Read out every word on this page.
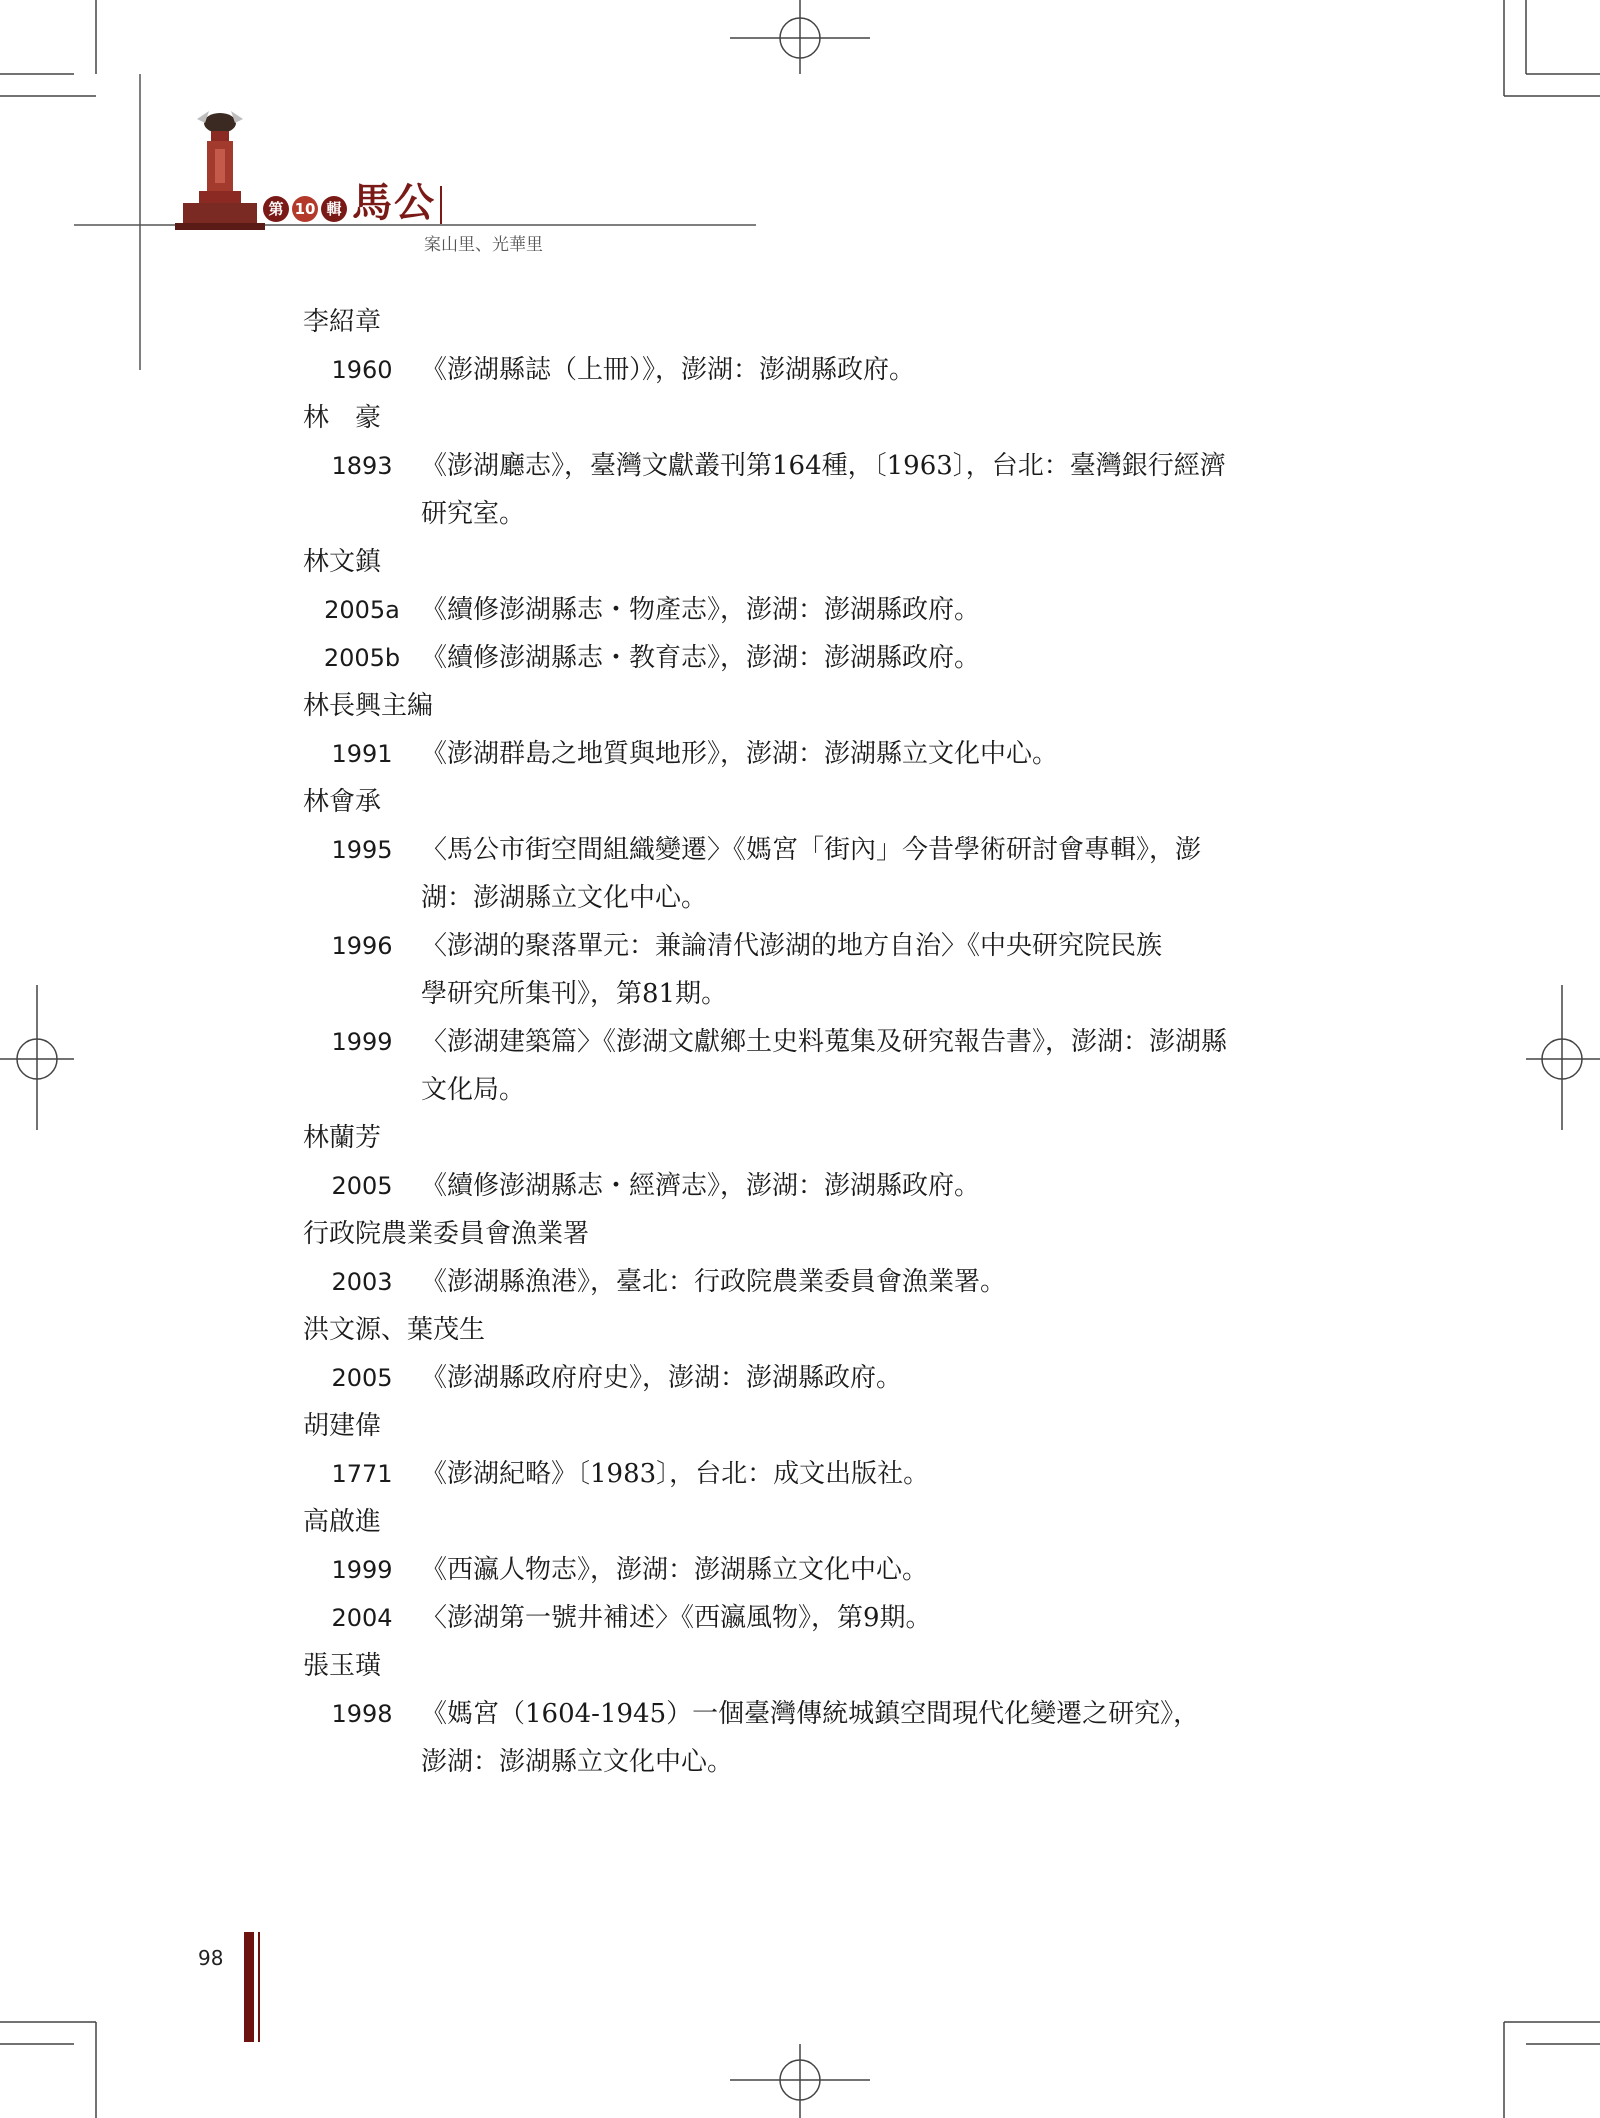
第 10 輯 馬公
案山里、光華里
李紹章
1960	《澎湖縣誌（上冊）》，澎湖：澎湖縣政府。
林　豪
1893	《澎湖廳志》，臺灣文獻叢刊第164種，〔1963〕，台北：臺灣銀行經濟
研究室。
林文鎮
2005a 《續修澎湖縣志・物產志》，澎湖：澎湖縣政府。
2005b 《續修澎湖縣志・教育志》，澎湖：澎湖縣政府。
林長興主編
1991	《澎湖群島之地質與地形》，澎湖：澎湖縣立文化中心。
林會承
1995	〈馬公市街空間組織變遷〉《媽宮「街內」今昔學術研討會專輯》，澎
湖：澎湖縣立文化中心。
1996	〈澎湖的聚落單元：兼論清代澎湖的地方自治〉《中央研究院民族
學研究所集刊》，第81期。
1999	〈澎湖建築篇〉《澎湖文獻鄉土史料蒐集及研究報告書》，澎湖：澎湖縣
文化局。
林蘭芳
2005	《續修澎湖縣志・經濟志》，澎湖：澎湖縣政府。
行政院農業委員會漁業署
2003	《澎湖縣漁港》，臺北：行政院農業委員會漁業署。
洪文源、葉茂生
2005	《澎湖縣政府府史》，澎湖：澎湖縣政府。
胡建偉
1771	《澎湖紀略》〔1983〕，台北：成文出版社。
高啟進
1999	《西瀛人物志》，澎湖：澎湖縣立文化中心。
2004	〈澎湖第一號井補述〉《西瀛風物》，第9期。
張玉璜
1998	《媽宮（1604-1945）一個臺灣傳統城鎮空間現代化變遷之研究》，
澎湖：澎湖縣立文化中心。
98
